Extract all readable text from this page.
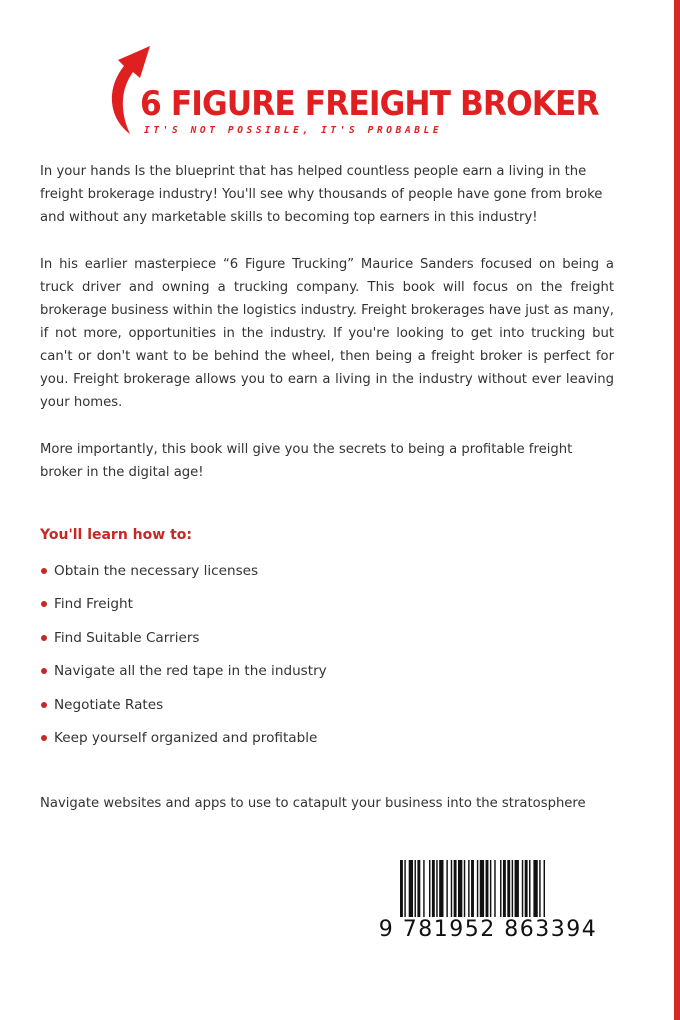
6 FIGURE FREIGHT BROKER
IT'S NOT POSSIBLE, IT'S PROBABLE

In your hands Is the blueprint that has helped countless people earn a living in the freight brokerage industry! You'll see why thousands of people have gone from broke and without any marketable skills to becoming top earners in this industry!

In his earlier masterpiece “6 Figure Trucking” Maurice Sanders focused on being a truck driver and owning a trucking company. This book will focus on the freight brokerage business within the logistics industry. Freight brokerages have just as many, if not more, opportunities in the industry. If you're looking to get into trucking but can't or don't want to be behind the wheel, then being a freight broker is perfect for you. Freight brokerage allows you to earn a living in the industry without ever leaving your homes.

More importantly, this book will give you the secrets to being a profitable freight broker in the digital age!

You'll learn how to:

Obtain the necessary licenses
Find Freight
Find Suitable Carriers
Navigate all the red tape in the industry
Negotiate Rates
Keep yourself organized and profitable

Navigate websites and apps to use to catapult your business into the stratosphere

9 781952 863394
